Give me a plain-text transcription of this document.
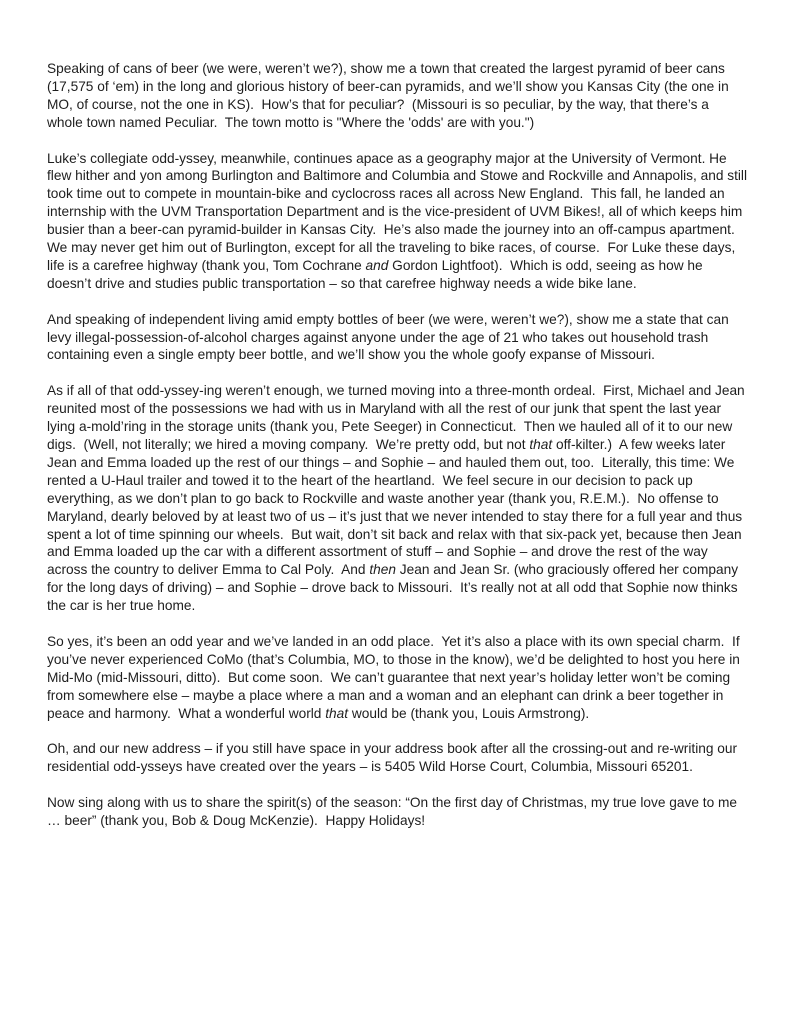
Speaking of cans of beer (we were, weren’t we?), show me a town that created the largest pyramid of beer cans (17,575 of ‘em) in the long and glorious history of beer-can pyramids, and we’ll show you Kansas City (the one in MO, of course, not the one in KS).  How’s that for peculiar?  (Missouri is so peculiar, by the way, that there’s a whole town named Peculiar.  The town motto is "Where the 'odds' are with you.")

Luke’s collegiate odd-yssey, meanwhile, continues apace as a geography major at the University of Vermont. He flew hither and yon among Burlington and Baltimore and Columbia and Stowe and Rockville and Annapolis, and still took time out to compete in mountain-bike and cyclocross races all across New England.  This fall, he landed an internship with the UVM Transportation Department and is the vice-president of UVM Bikes!, all of which keeps him busier than a beer-can pyramid-builder in Kansas City.  He’s also made the journey into an off-campus apartment.  We may never get him out of Burlington, except for all the traveling to bike races, of course.  For Luke these days, life is a carefree highway (thank you, Tom Cochrane and Gordon Lightfoot).  Which is odd, seeing as how he doesn’t drive and studies public transportation – so that carefree highway needs a wide bike lane.

And speaking of independent living amid empty bottles of beer (we were, weren’t we?), show me a state that can levy illegal-possession-of-alcohol charges against anyone under the age of 21 who takes out household trash containing even a single empty beer bottle, and we’ll show you the whole goofy expanse of Missouri.

As if all of that odd-yssey-ing weren’t enough, we turned moving into a three-month ordeal.  First, Michael and Jean reunited most of the possessions we had with us in Maryland with all the rest of our junk that spent the last year lying a-mold’ring in the storage units (thank you, Pete Seeger) in Connecticut.  Then we hauled all of it to our new digs.  (Well, not literally; we hired a moving company.  We’re pretty odd, but not that off-kilter.)  A few weeks later Jean and Emma loaded up the rest of our things – and Sophie – and hauled them out, too.  Literally, this time: We rented a U-Haul trailer and towed it to the heart of the heartland.  We feel secure in our decision to pack up everything, as we don’t plan to go back to Rockville and waste another year (thank you, R.E.M.).  No offense to Maryland, dearly beloved by at least two of us – it’s just that we never intended to stay there for a full year and thus spent a lot of time spinning our wheels.  But wait, don’t sit back and relax with that six-pack yet, because then Jean and Emma loaded up the car with a different assortment of stuff – and Sophie – and drove the rest of the way across the country to deliver Emma to Cal Poly.  And then Jean and Jean Sr. (who graciously offered her company for the long days of driving) – and Sophie – drove back to Missouri.  It’s really not at all odd that Sophie now thinks the car is her true home.

So yes, it’s been an odd year and we’ve landed in an odd place.  Yet it’s also a place with its own special charm.  If you’ve never experienced CoMo (that’s Columbia, MO, to those in the know), we’d be delighted to host you here in Mid-Mo (mid-Missouri, ditto).  But come soon.  We can’t guarantee that next year’s holiday letter won’t be coming from somewhere else – maybe a place where a man and a woman and an elephant can drink a beer together in peace and harmony.  What a wonderful world that would be (thank you, Louis Armstrong).

Oh, and our new address – if you still have space in your address book after all the crossing-out and re-writing our residential odd-ysseys have created over the years – is 5405 Wild Horse Court, Columbia, Missouri 65201.

Now sing along with us to share the spirit(s) of the season: “On the first day of Christmas, my true love gave to me … beer” (thank you, Bob & Doug McKenzie).  Happy Holidays!
